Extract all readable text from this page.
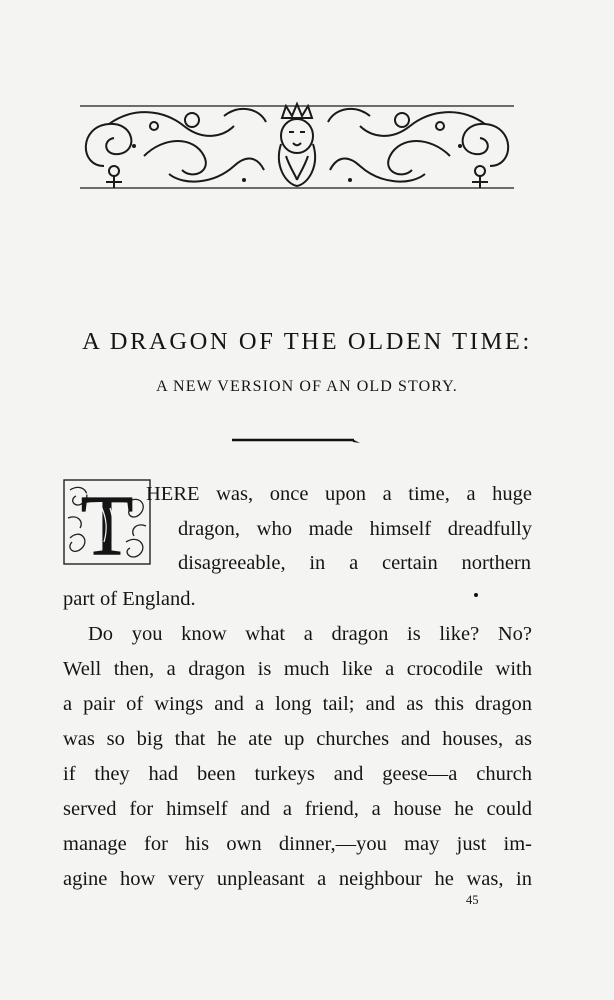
A DRAGON OF THE OLDEN TIME:
A NEW VERSION OF AN OLD STORY.
T HERE was, once upon a time, a huge
dragon, who made himself dreadfully
disagreeable, in a certain northern
part of England.
Do you know what a dragon is like? No?
Well then, a dragon is much like a crocodile with
a pair of wings and a long tail; and as this dragon
was so big that he ate up churches and houses, as
if they had been turkeys and geese—a church
served for himself and a friend, a house he could
manage for his own dinner,—you may just im-
agine how very unpleasant a neighbour he was, in
45
